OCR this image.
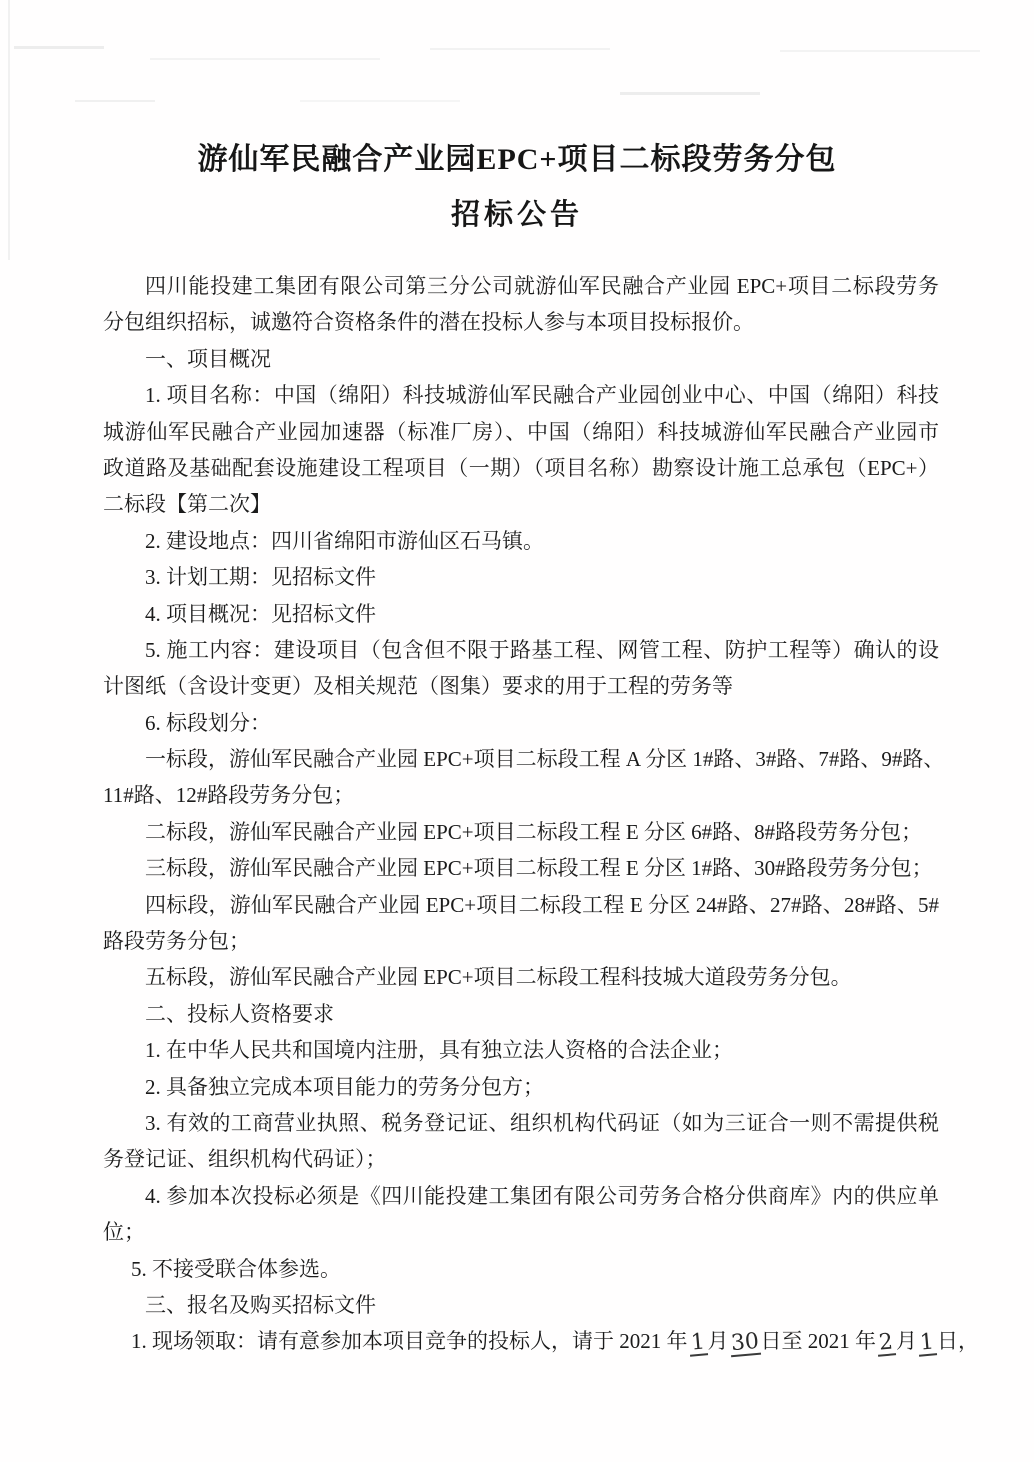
游仙军民融合产业园EPC+项目二标段劳务分包
招标公告
四川能投建工集团有限公司第三分公司就游仙军民融合产业园 EPC+项目二标段劳务
分包组织招标，诚邀符合资格条件的潜在投标人参与本项目投标报价。
一、项目概况
1. 项目名称：中国（绵阳）科技城游仙军民融合产业园创业中心、中国（绵阳）科技
城游仙军民融合产业园加速器（标准厂房）、中国（绵阳）科技城游仙军民融合产业园市
政道路及基础配套设施建设工程项目（一期）（项目名称）勘察设计施工总承包（EPC+）
二标段【第二次】
2. 建设地点：四川省绵阳市游仙区石马镇。
3. 计划工期：见招标文件
4. 项目概况：见招标文件
5. 施工内容：建设项目（包含但不限于路基工程、网管工程、防护工程等）确认的设
计图纸（含设计变更）及相关规范（图集）要求的用于工程的劳务等
6. 标段划分：
一标段，游仙军民融合产业园 EPC+项目二标段工程 A 分区 1#路、3#路、7#路、9#路、
11#路、12#路段劳务分包；
二标段，游仙军民融合产业园 EPC+项目二标段工程 E 分区 6#路、8#路段劳务分包；
三标段，游仙军民融合产业园 EPC+项目二标段工程 E 分区 1#路、30#路段劳务分包；
四标段，游仙军民融合产业园 EPC+项目二标段工程 E 分区 24#路、27#路、28#路、5#
路段劳务分包；
五标段，游仙军民融合产业园 EPC+项目二标段工程科技城大道段劳务分包。
二、投标人资格要求
1. 在中华人民共和国境内注册，具有独立法人资格的合法企业；
2. 具备独立完成本项目能力的劳务分包方；
3. 有效的工商营业执照、税务登记证、组织机构代码证（如为三证合一则不需提供税
务登记证、组织机构代码证）；
4. 参加本次投标必须是《四川能投建工集团有限公司劳务合格分供商库》内的供应单
位；
5. 不接受联合体参选。
三、报名及购买招标文件
1. 现场领取：请有意参加本项目竞争的投标人，请于 2021 年1月30日至 2021 年2月1日，
